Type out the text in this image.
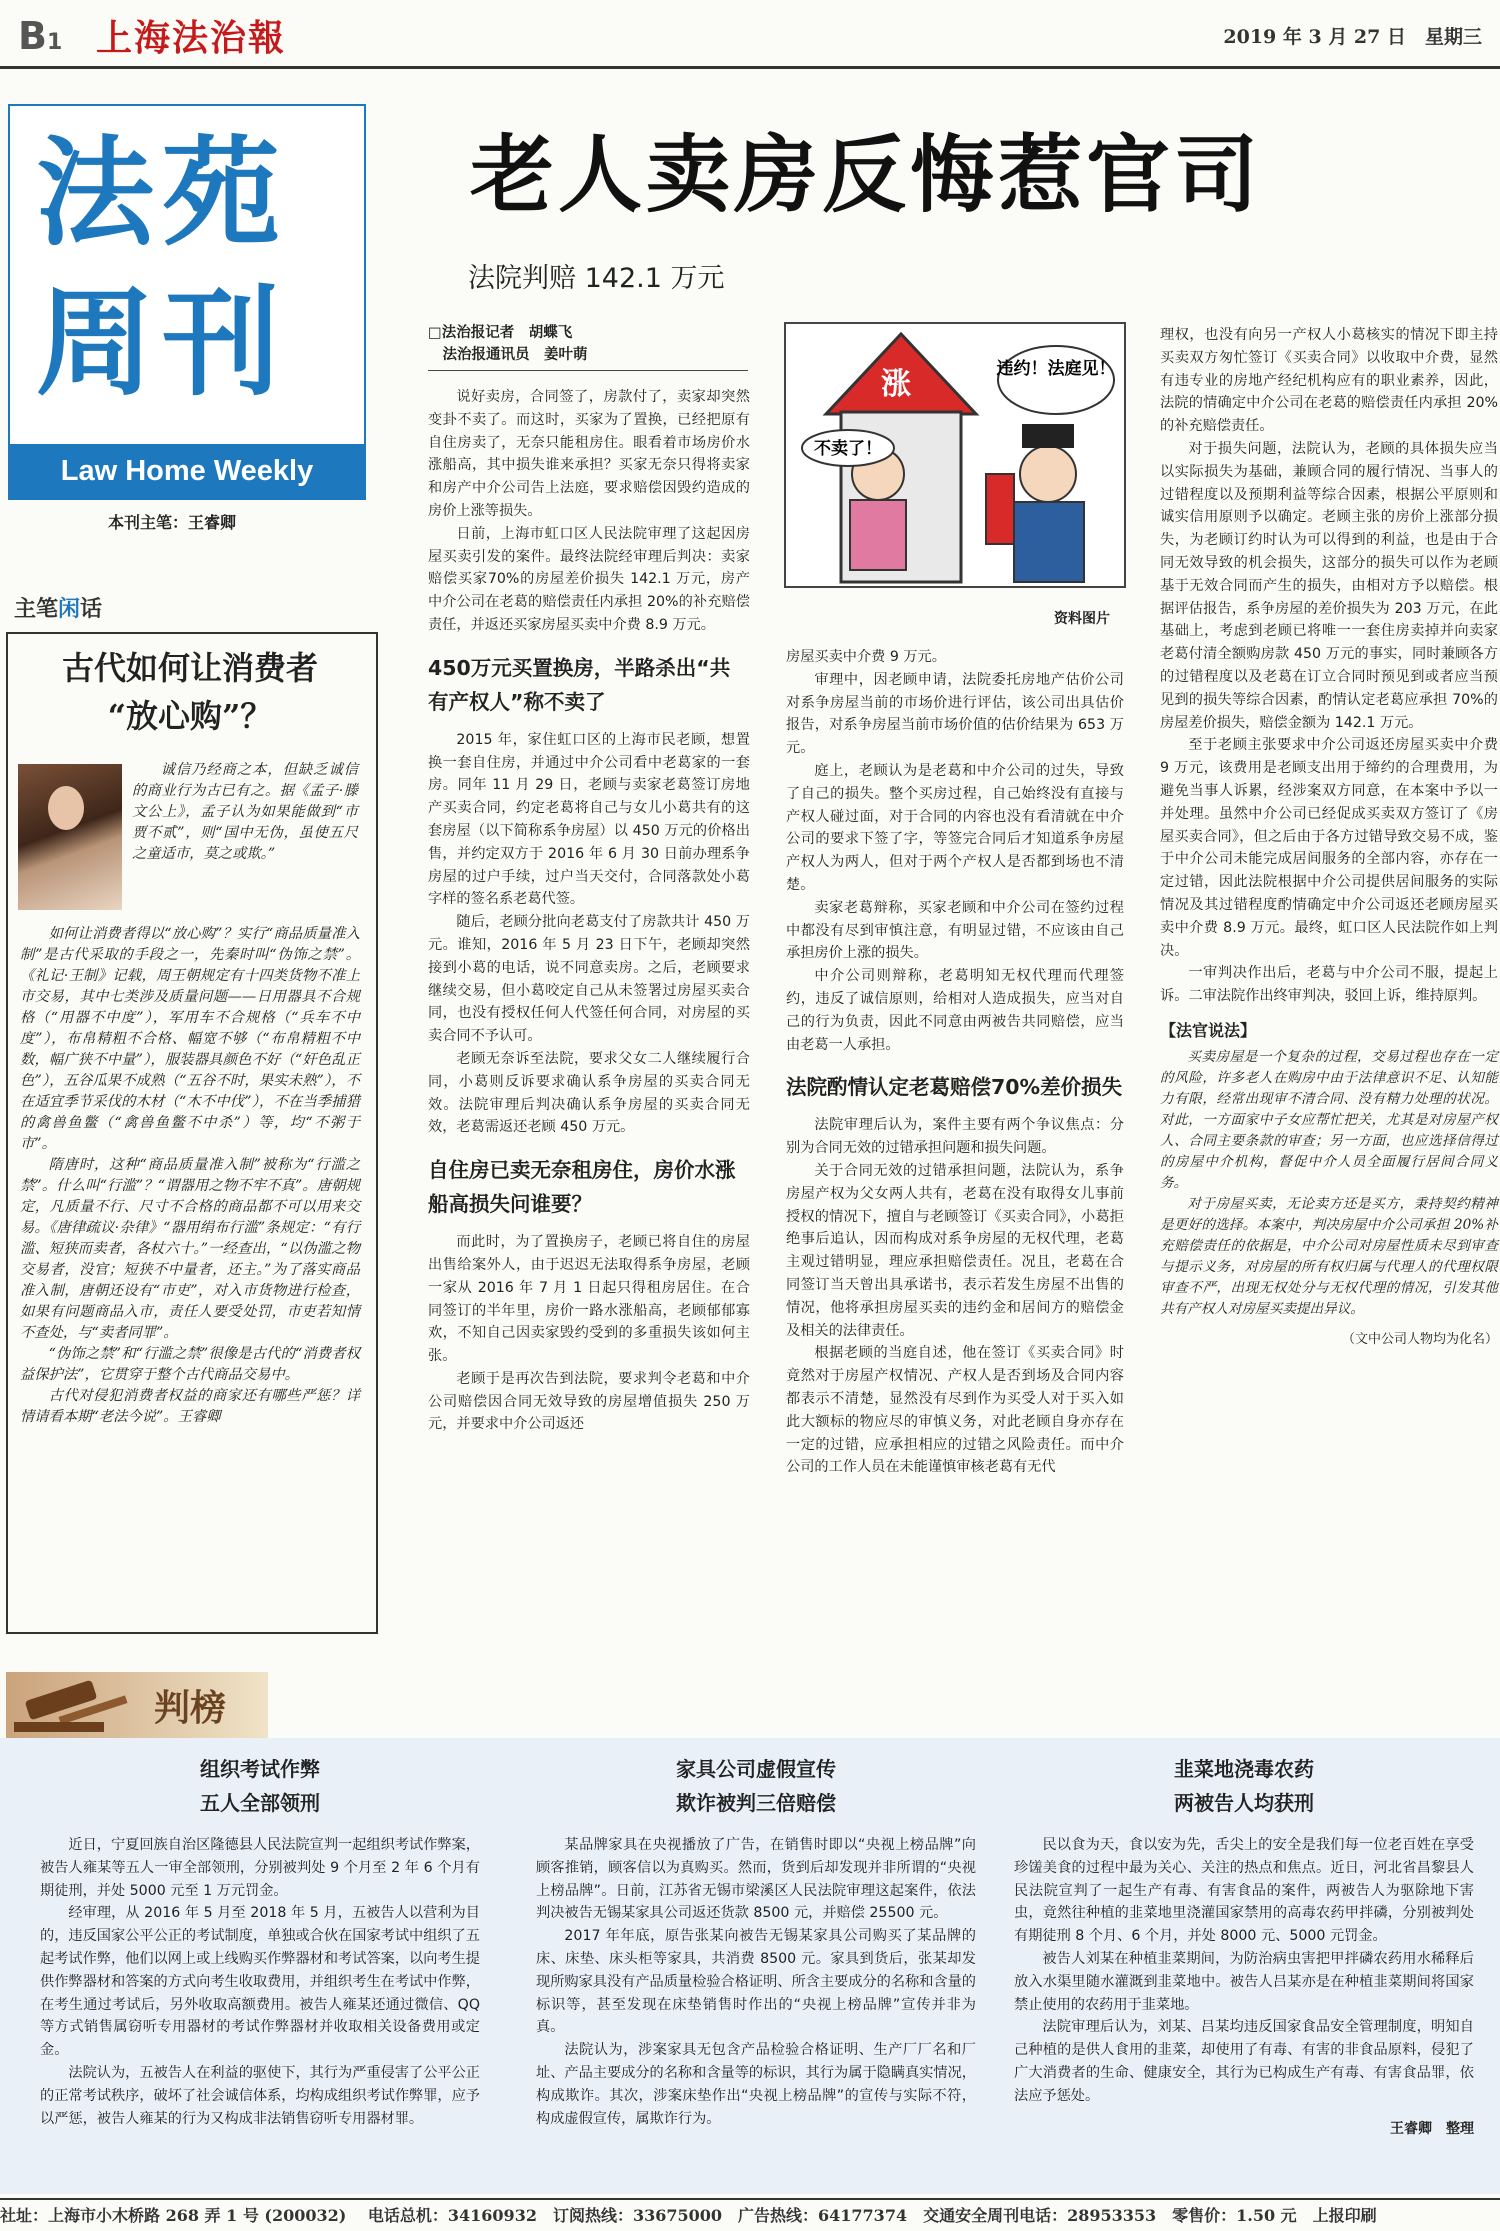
B1 上海法治報	2019 年 3 月 27 日　星期三
法苑
周刊
Law Home Weekly
本刊主笔：王睿卿
老人卖房反悔惹官司
法院判赔 142.1 万元
主笔闲话
古代如何让消费者
“放心购”？

诚信乃经商之本，但缺乏诚信的商业行为古已有之。据《孟子·滕文公上》，孟子认为如果能做到“市贾不贰”，则“国中无伪，虽使五尺之童适市，莫之或欺。”

如何让消费者得以“放心购”？实行“商品质量准入制”是古代采取的手段之一，先秦时叫“伪饰之禁”。《礼记·王制》记载，周王朝规定有十四类货物不准上市交易，其中七类涉及质量问题——日用器具不合规格（“用器不中度”），军用车不合规格（“兵车不中度”），布帛精粗不合格、幅宽不够（“布帛精粗不中数，幅广狭不中量”），服装器具颜色不好（“奸色乱正色”），五谷瓜果不成熟（“五谷不时，果实未熟”），不在适宜季节采伐的木材（“木不中伐”），不在当季捕猎的禽兽鱼鳖（“禽兽鱼鳖不中杀”）等，均“不粥于市”。

隋唐时，这种“商品质量准入制”被称为“行滥之禁”。什么叫“行滥”？“谓器用之物不牢不真”。唐朝规定，凡质量不行、尺寸不合格的商品都不可以用来交易。《唐律疏议·杂律》“器用绢布行滥”条规定：“有行滥、短狭而卖者，各杖六十。”一经查出，“以伪滥之物交易者，没官；短狭不中量者，还主。”为了落实商品准入制，唐朝还设有“市吏”，对入市货物进行检查，如果有问题商品入市，责任人要受处罚，市吏若知情不查处，与“卖者同罪”。

“伪饰之禁”和“行滥之禁”很像是古代的“消费者权益保护法”，它贯穿于整个古代商品交易中。

古代对侵犯消费者权益的商家还有哪些严惩？详情请看本期“老法今说”。王睿卿

□法治报记者　胡蝶飞
　法治报通讯员　姜叶萌

说好卖房，合同签了，房款付了，卖家却突然变卦不卖了。而这时，买家为了置换，已经把原有自住房卖了，无奈只能租房住。眼看着市场房价水涨船高，其中损失谁来承担？买家无奈只得将卖家和房产中介公司告上法庭，要求赔偿因毁约造成的房价上涨等损失。

日前，上海市虹口区人民法院审理了这起因房屋买卖引发的案件。最终法院经审理后判决：卖家赔偿买家70%的房屋差价损失 142.1 万元，房产中介公司在老葛的赔偿责任内承担 20%的补充赔偿责任，并返还买家房屋买卖中介费 8.9 万元。

450万元买置换房，半路杀出“共有产权人”称不卖了

2015 年，家住虹口区的上海市民老顾，想置换一套自住房，并通过中介公司看中老葛家的一套房。同年 11 月 29 日，老顾与卖家老葛签订房地产买卖合同，约定老葛将自己与女儿小葛共有的这套房屋（以下简称系争房屋）以 450 万元的价格出售，并约定双方于 2016 年 6 月 30 日前办理系争房屋的过户手续，过户当天交付，合同落款处小葛字样的签名系老葛代签。

随后，老顾分批向老葛支付了房款共计 450 万元。谁知，2016 年 5 月 23 日下午，老顾却突然接到小葛的电话，说不同意卖房。之后，老顾要求继续交易，但小葛咬定自己从未签署过房屋买卖合同，也没有授权任何人代签任何合同，对房屋的买卖合同不予认可。

老顾无奈诉至法院，要求父女二人继续履行合同，小葛则反诉要求确认系争房屋的买卖合同无效。法院审理后判决确认系争房屋的买卖合同无效，老葛需返还老顾 450 万元。

自住房已卖无奈租房住，房价水涨船高损失问谁要？

而此时，为了置换房子，老顾已将自住的房屋出售给案外人，由于迟迟无法取得系争房屋，老顾一家从 2016 年 7 月 1 日起只得租房居住。在合同签订的半年里，房价一路水涨船高，老顾郁郁寡欢，不知自己因卖家毁约受到的多重损失该如何主张。

老顾于是再次告到法院，要求判令老葛和中介公司赔偿因合同无效导致的房屋增值损失 250 万元，并要求中介公司返还

涨
不卖了！
违约！法庭见！
资料图片

房屋买卖中介费 9 万元。

审理中，因老顾申请，法院委托房地产估价公司对系争房屋当前的市场价进行评估，该公司出具估价报告，对系争房屋当前市场价值的估价结果为 653 万元。

庭上，老顾认为是老葛和中介公司的过失，导致了自己的损失。整个买房过程，自己始终没有直接与产权人碰过面，对于合同的内容也没有看清就在中介公司的要求下签了字，等签完合同后才知道系争房屋产权人为两人，但对于两个产权人是否都到场也不清楚。

卖家老葛辩称，买家老顾和中介公司在签约过程中都没有尽到审慎注意，有明显过错，不应该由自己承担房价上涨的损失。

中介公司则辩称，老葛明知无权代理而代理签约，违反了诚信原则，给相对人造成损失，应当对自己的行为负责，因此不同意由两被告共同赔偿，应当由老葛一人承担。

法院酌情认定老葛赔偿70%差价损失

法院审理后认为，案件主要有两个争议焦点：分别为合同无效的过错承担问题和损失问题。

关于合同无效的过错承担问题，法院认为，系争房屋产权为父女两人共有，老葛在没有取得女儿事前授权的情况下，擅自与老顾签订《买卖合同》，小葛拒绝事后追认，因而构成对系争房屋的无权代理，老葛主观过错明显，理应承担赔偿责任。况且，老葛在合同签订当天曾出具承诺书，表示若发生房屋不出售的情况，他将承担房屋买卖的违约金和居间方的赔偿金及相关的法律责任。

根据老顾的当庭自述，他在签订《买卖合同》时竟然对于房屋产权情况、产权人是否到场及合同内容都表示不清楚，显然没有尽到作为买受人对于买入如此大额标的物应尽的审慎义务，对此老顾自身亦存在一定的过错，应承担相应的过错之风险责任。而中介公司的工作人员在未能谨慎审核老葛有无代

理权，也没有向另一产权人小葛核实的情况下即主持买卖双方匆忙签订《买卖合同》以收取中介费，显然有违专业的房地产经纪机构应有的职业素养，因此，法院的情确定中介公司在老葛的赔偿责任内承担 20%的补充赔偿责任。

对于损失问题，法院认为，老顾的具体损失应当以实际损失为基础，兼顾合同的履行情况、当事人的过错程度以及预期利益等综合因素，根据公平原则和诚实信用原则予以确定。老顾主张的房价上涨部分损失，为老顾订约时认为可以得到的利益，也是由于合同无效导致的机会损失，这部分的损失可以作为老顾基于无效合同而产生的损失，由相对方予以赔偿。根据评估报告，系争房屋的差价损失为 203 万元，在此基础上，考虑到老顾已将唯一一套住房卖掉并向卖家老葛付清全额购房款 450 万元的事实，同时兼顾各方的过错程度以及老葛在订立合同时预见到或者应当预见到的损失等综合因素，酌情认定老葛应承担 70%的房屋差价损失，赔偿金额为 142.1 万元。

至于老顾主张要求中介公司返还房屋买卖中介费 9 万元，该费用是老顾支出用于缔约的合理费用，为避免当事人诉累，经涉案双方同意，在本案中予以一并处理。虽然中介公司已经促成买卖双方签订了《房屋买卖合同》，但之后由于各方过错导致交易不成，鉴于中介公司未能完成居间服务的全部内容，亦存在一定过错，因此法院根据中介公司提供居间服务的实际情况及其过错程度酌情确定中介公司返还老顾房屋买卖中介费 8.9 万元。最终，虹口区人民法院作如上判决。

一审判决作出后，老葛与中介公司不服，提起上诉。二审法院作出终审判决，驳回上诉，维持原判。

【法官说法】

买卖房屋是一个复杂的过程，交易过程也存在一定的风险，许多老人在购房中由于法律意识不足、认知能力有限，经常出现审不清合同、没有精力处理的状况。对此，一方面家中子女应帮忙把关，尤其是对房屋产权人、合同主要条款的审查；另一方面，也应选择信得过的房屋中介机构，督促中介人员全面履行居间合同义务。

对于房屋买卖，无论卖方还是买方，秉持契约精神是更好的选择。本案中，判决房屋中介公司承担 20%补充赔偿责任的依据是，中介公司对房屋性质未尽到审查与提示义务，对房屋的所有权归属与代理人的代理权限审查不严，出现无权处分与无权代理的情况，引发其他共有产权人对房屋买卖提出异议。

（文中公司人物均为化名）
判榜
组织考试作弊
五人全部领刑

近日，宁夏回族自治区隆德县人民法院宣判一起组织考试作弊案，被告人雍某等五人一审全部领刑，分别被判处 9 个月至 2 年 6 个月有期徒刑，并处 5000 元至 1 万元罚金。

经审理，从 2016 年 5 月至 2018 年 5 月，五被告人以营利为目的，违反国家公平公正的考试制度，单独或合伙在国家考试中组织了五起考试作弊，他们以网上或上线购买作弊器材和考试答案，以向考生提供作弊器材和答案的方式向考生收取费用，并组织考生在考试中作弊，在考生通过考试后，另外收取高额费用。被告人雍某还通过微信、QQ 等方式销售属窃听专用器材的考试作弊器材并收取相关设备费用或定金。

法院认为，五被告人在利益的驱使下，其行为严重侵害了公平公正的正常考试秩序，破坏了社会诚信体系，均构成组织考试作弊罪，应予以严惩，被告人雍某的行为又构成非法销售窃听专用器材罪。

家具公司虚假宣传
欺诈被判三倍赔偿

某品牌家具在央视播放了广告，在销售时即以“央视上榜品牌”向顾客推销，顾客信以为真购买。然而，货到后却发现并非所谓的“央视上榜品牌”。日前，江苏省无锡市梁溪区人民法院审理这起案件，依法判决被告无锡某家具公司返还货款 8500 元，并赔偿 25500 元。

2017 年年底，原告张某向被告无锡某家具公司购买了某品牌的床、床垫、床头柜等家具，共消费 8500 元。家具到货后，张某却发现所购家具没有产品质量检验合格证明、所含主要成分的名称和含量的标识等，甚至发现在床垫销售时作出的“央视上榜品牌”宣传并非为真。

法院认为，涉案家具无包含产品检验合格证明、生产厂厂名和厂址、产品主要成分的名称和含量等的标识，其行为属于隐瞒真实情况，构成欺诈。其次，涉案床垫作出“央视上榜品牌”的宣传与实际不符，构成虚假宣传，属欺诈行为。

韭菜地浇毒农药
两被告人均获刑

民以食为天，食以安为先，舌尖上的安全是我们每一位老百姓在享受珍馐美食的过程中最为关心、关注的热点和焦点。近日，河北省昌黎县人民法院宣判了一起生产有毒、有害食品的案件，两被告人为驱除地下害虫，竟然往种植的韭菜地里浇灌国家禁用的高毒农药甲拌磷，分别被判处有期徒刑 8 个月、6 个月，并处 8000 元、5000 元罚金。

被告人刘某在种植韭菜期间，为防治病虫害把甲拌磷农药用水稀释后放入水渠里随水灌溉到韭菜地中。被告人吕某亦是在种植韭菜期间将国家禁止使用的农药用于韭菜地。

法院审理后认为，刘某、吕某均违反国家食品安全管理制度，明知自己种植的是供人食用的韭菜，却使用了有毒、有害的非食品原料，侵犯了广大消费者的生命、健康安全，其行为已构成生产有毒、有害食品罪，依法应予惩处。

王睿卿　整理
社址：上海市小木桥路 268 弄 1 号 (200032)　 电话总机：34160932　订阅热线：33675000　广告热线：64177374　交通安全周刊电话：28953353　零售价：1.50 元　上报印刷
